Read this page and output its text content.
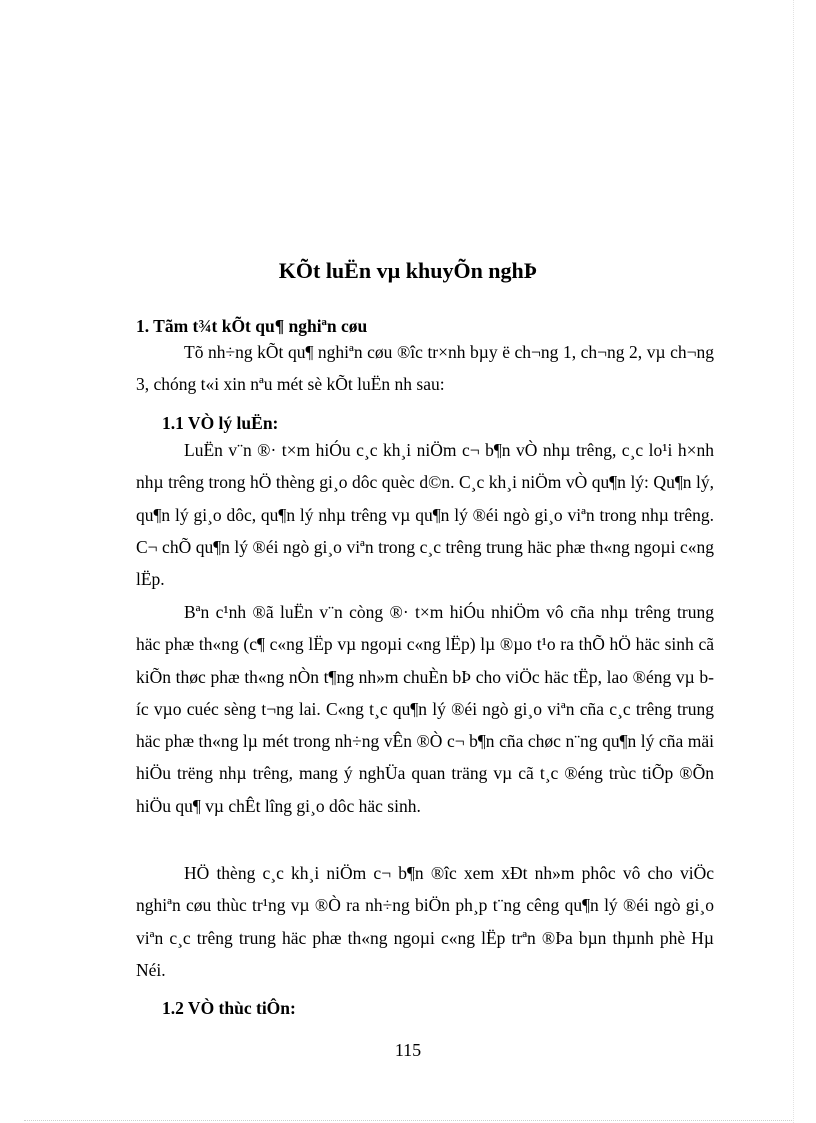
KÕt luËn vµ khuyÕn nghÞ
1. Tãm t¾t kÕt qu¶ nghiªn cøu

Tõ nh÷ng kÕt qu¶ nghiªn cøu ®îc tr×nh bµy ë ch¬ng 1, ch¬ng 2, vµ ch¬ng 3, chóng t«i xin nªu mét sè kÕt luËn nh sau:

1.1 VÒ lý luËn:

LuËn v¨n ®· t×m hiÓu c¸c kh¸i niÖm c¬ b¶n vÒ nhµ trêng, c¸c lo¹i h×nh nhµ trêng trong hÖ thèng gi¸o dôc quèc d©n. C¸c kh¸i niÖm vÒ qu¶n lý: Qu¶n lý, qu¶n lý gi¸o dôc, qu¶n lý nhµ trêng vµ qu¶n lý ®éi ngò gi¸o viªn trong nhµ trêng. C¬ chÕ qu¶n lý ®éi ngò gi¸o viªn trong c¸c trêng trung häc phæ th«ng ngoµi c«ng lËp.

Bªn c¹nh ®ã luËn v¨n còng ®· t×m hiÓu nhiÖm vô cña nhµ trêng trung häc phæ th«ng (c¶ c«ng lËp vµ ngoµi c«ng lËp) lµ ®µo t¹o ra thÕ hÖ häc sinh cã kiÕn thøc phæ th«ng nÒn t¶ng nh»m chuÈn bÞ cho viÖc häc tËp, lao ®éng vµ bíc vµo cuéc sèng t¬ng lai. C«ng t¸c qu¶n lý ®éi ngò gi¸o viªn cña c¸c trêng trung häc phæ th«ng lµ mét trong nh÷ng vÊn ®Ò c¬ b¶n cña chøc n¨ng qu¶n lý cña mäi hiÖu trëng nhµ trêng, mang ý nghÜa quan träng vµ cã t¸c ®éng trùc tiÕp ®Õn hiÖu qu¶ vµ chÊt lîng gi¸o dôc häc sinh.

HÖ thèng c¸c kh¸i niÖm c¬ b¶n ®îc xem xÐt nh»m phôc vô cho viÖc nghiªn cøu thùc tr¹ng vµ ®Ò ra nh÷ng biÖn ph¸p t¨ng cêng qu¶n lý ®éi ngò gi¸o viªn c¸c trêng trung häc phæ th«ng ngoµi c«ng lËp trªn ®Þa bµn thµnh phè Hµ Néi.

1.2 VÒ thùc tiÔn:
115
